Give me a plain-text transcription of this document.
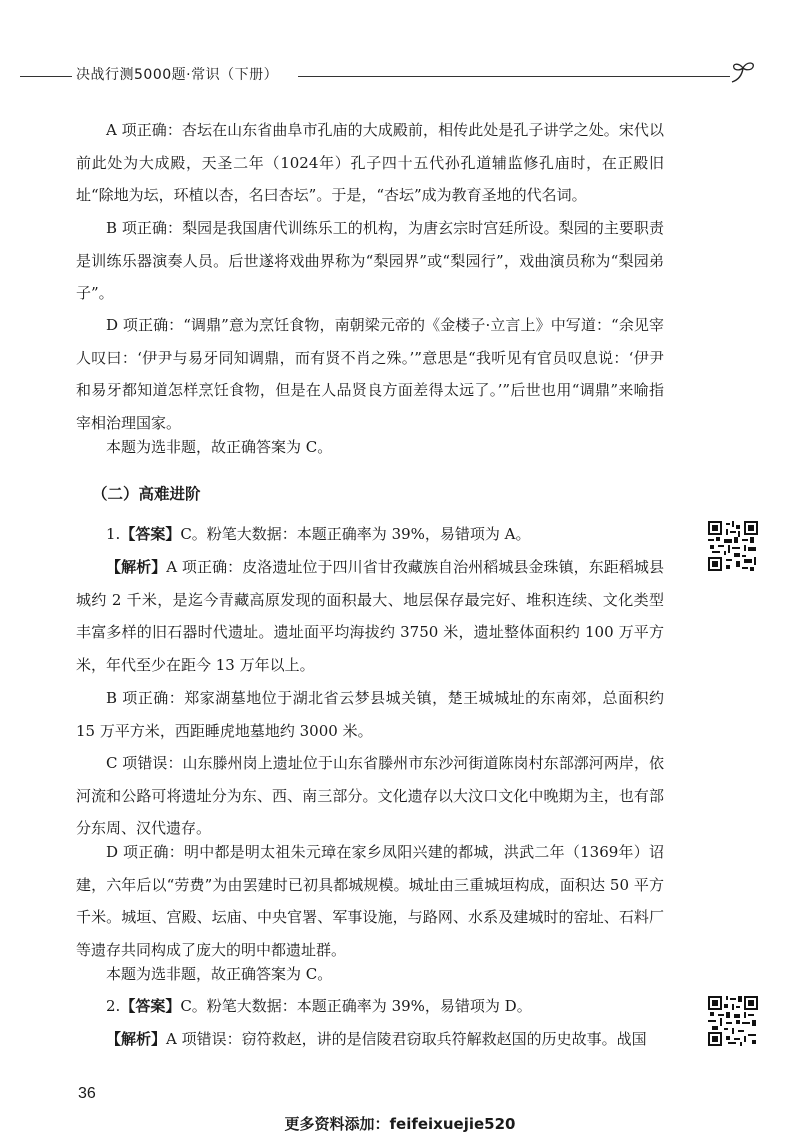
决战行测5000题·常识（下册）

A 项正确：杏坛在山东省曲阜市孔庙的大成殿前，相传此处是孔子讲学之处。宋代以前此处为大成殿，天圣二年（1024年）孔子四十五代孙孔道辅监修孔庙时，在正殿旧址“除地为坛，环植以杏，名曰杏坛”。于是，“杏坛”成为教育圣地的代名词。

B 项正确：梨园是我国唐代训练乐工的机构，为唐玄宗时宫廷所设。梨园的主要职责是训练乐器演奏人员。后世遂将戏曲界称为“梨园界”或“梨园行”，戏曲演员称为“梨园弟子”。

D 项正确：“调鼎”意为烹饪食物，南朝梁元帝的《金楼子·立言上》中写道：“余见宰人叹曰：‘伊尹与易牙同知调鼎，而有贤不肖之殊。’”意思是“我听见有官员叹息说：‘伊尹和易牙都知道怎样烹饪食物，但是在人品贤良方面差得太远了。’”后世也用“调鼎”来喻指宰相治理国家。

本题为选非题，故正确答案为 C。

（二）高难进阶

1.【答案】C。粉笔大数据：本题正确率为 39%，易错项为 A。

【解析】A 项正确：皮洛遗址位于四川省甘孜藏族自治州稻城县金珠镇，东距稻城县城约 2 千米，是迄今青藏高原发现的面积最大、地层保存最完好、堆积连续、文化类型丰富多样的旧石器时代遗址。遗址面平均海拔约 3750 米，遗址整体面积约 100 万平方米，年代至少在距今 13 万年以上。

B 项正确：郑家湖墓地位于湖北省云梦县城关镇，楚王城城址的东南郊，总面积约 15 万平方米，西距睡虎地墓地约 3000 米。

C 项错误：山东滕州岗上遗址位于山东省滕州市东沙河街道陈岗村东部漷河两岸，依河流和公路可将遗址分为东、西、南三部分。文化遗存以大汶口文化中晚期为主，也有部分东周、汉代遗存。

D 项正确：明中都是明太祖朱元璋在家乡凤阳兴建的都城，洪武二年（1369年）诏建，六年后以“劳费”为由罢建时已初具都城规模。城址由三重城垣构成，面积达 50 平方千米。城垣、宫殿、坛庙、中央官署、军事设施，与路网、水系及建城时的窑址、石料厂等遗存共同构成了庞大的明中都遗址群。

本题为选非题，故正确答案为 C。

2.【答案】C。粉笔大数据：本题正确率为 39%，易错项为 D。

【解析】A 项错误：窃符救赵，讲的是信陵君窃取兵符解救赵国的历史故事。战国

36
更多资料添加：feifeixuejie520
